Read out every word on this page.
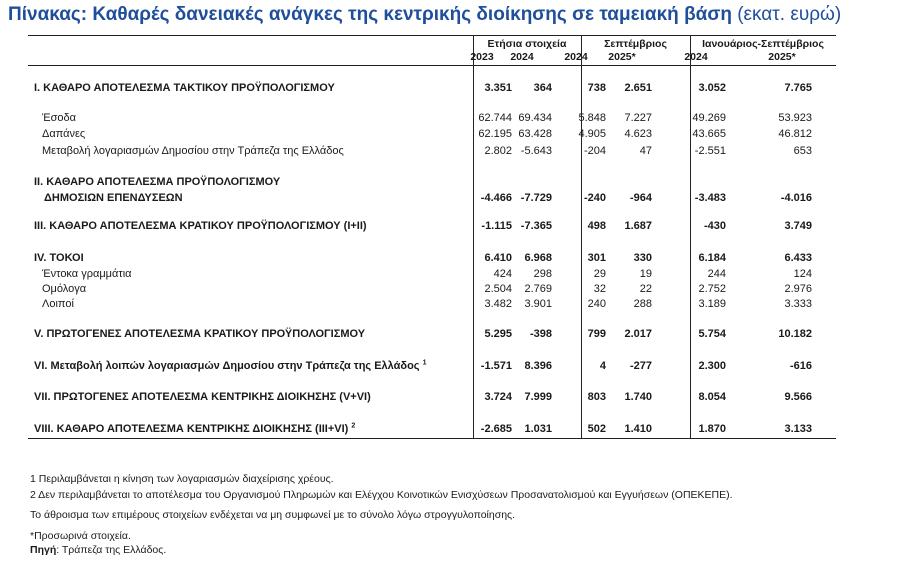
Πίνακας: Καθαρές δανειακές ανάγκες της κεντρικής διοίκησης σε ταμειακή βάση (εκατ. ευρώ)
Ετήσια στοιχεία	Σεπτέμβριος	Ιανουάριος-Σεπτέμβριος
2023	2024	2024	2025*	2024	2025*
I. ΚΑΘΑΡΟ ΑΠΟΤΕΛΕΣΜΑ ΤΑΚΤΙΚΟΥ ΠΡΟΫΠΟΛΟΓΙΣΜΟΥ	3.351	364	738	2.651	3.052	7.765
Έσοδα	62.744 69.434	5.848	7.227	49.269	53.923
Δαπάνες	62.195 63.428	4.905	4.623	43.665	46.812
Μεταβολή λογαριασμών Δημοσίου στην Τράπεζα της Ελλάδος	2.802 -5.643	-204	47	-2.551	653
II. ΚΑΘΑΡΟ ΑΠΟΤΕΛΕΣΜΑ ΠΡΟΫΠΟΛΟΓΙΣΜΟΥ
ΔΗΜΟΣΙΩΝ ΕΠΕΝΔΥΣΕΩΝ	-4.466 -7.729	-240	-964	-3.483	-4.016
III. ΚΑΘΑΡΟ ΑΠΟΤΕΛΕΣΜΑ ΚΡΑΤΙΚΟΥ ΠΡΟΫΠΟΛΟΓΙΣΜΟΥ (I+II)	-1.115 -7.365	498	1.687	-430	3.749
IV. ΤΟΚΟΙ	6.410	6.968	301	330	6.184	6.433
Έντοκα γραμμάτια	424	298	29	19	244	124
Ομόλογα	2.504	2.769	32	22	2.752	2.976
Λοιποί	3.482	3.901	240	288	3.189	3.333
V. ΠΡΩΤΟΓΕΝΕΣ ΑΠΟΤΕΛΕΣΜΑ ΚΡΑΤΙΚΟΥ ΠΡΟΫΠΟΛΟΓΙΣΜΟΥ	5.295	-398	799	2.017	5.754	10.182
VI. Μεταβολή λοιπών λογαριασμών Δημοσίου στην Τράπεζα της Ελλάδος $^1$	-1.571	8.396	4	-277	2.300	-616
VII. ΠΡΩΤΟΓΕΝΕΣ ΑΠΟΤΕΛΕΣΜΑ ΚΕΝΤΡΙΚΗΣ ΔΙΟΙΚΗΣΗΣ (V+VI)	3.724	7.999	803	1.740	8.054	9.566
VIII. ΚΑΘΑΡΟ ΑΠΟΤΕΛΕΣΜΑ ΚΕΝΤΡΙΚΗΣ ΔΙΟΙΚΗΣΗΣ (III+VI) $^2$	-2.685	1.031	502	1.410	1.870	3.133
1 Περιλαμβάνεται η κίνηση των λογαριασμών διαχείρισης χρέους.
2 Δεν περιλαμβάνεται το αποτέλεσμα του Οργανισμού Πληρωμών και Ελέγχου Κοινοτικών Ενισχύσεων Προσανατολισμού και Εγγυήσεων (ΟΠΕΚΕΠΕ).
Το άθροισμα των επιμέρους στοιχείων ενδέχεται να μη συμφωνεί με το σύνολο λόγω στρογγυλοποίησης.
*Προσωρινά στοιχεία.
Πηγή: Τράπεζα της Ελλάδος.
